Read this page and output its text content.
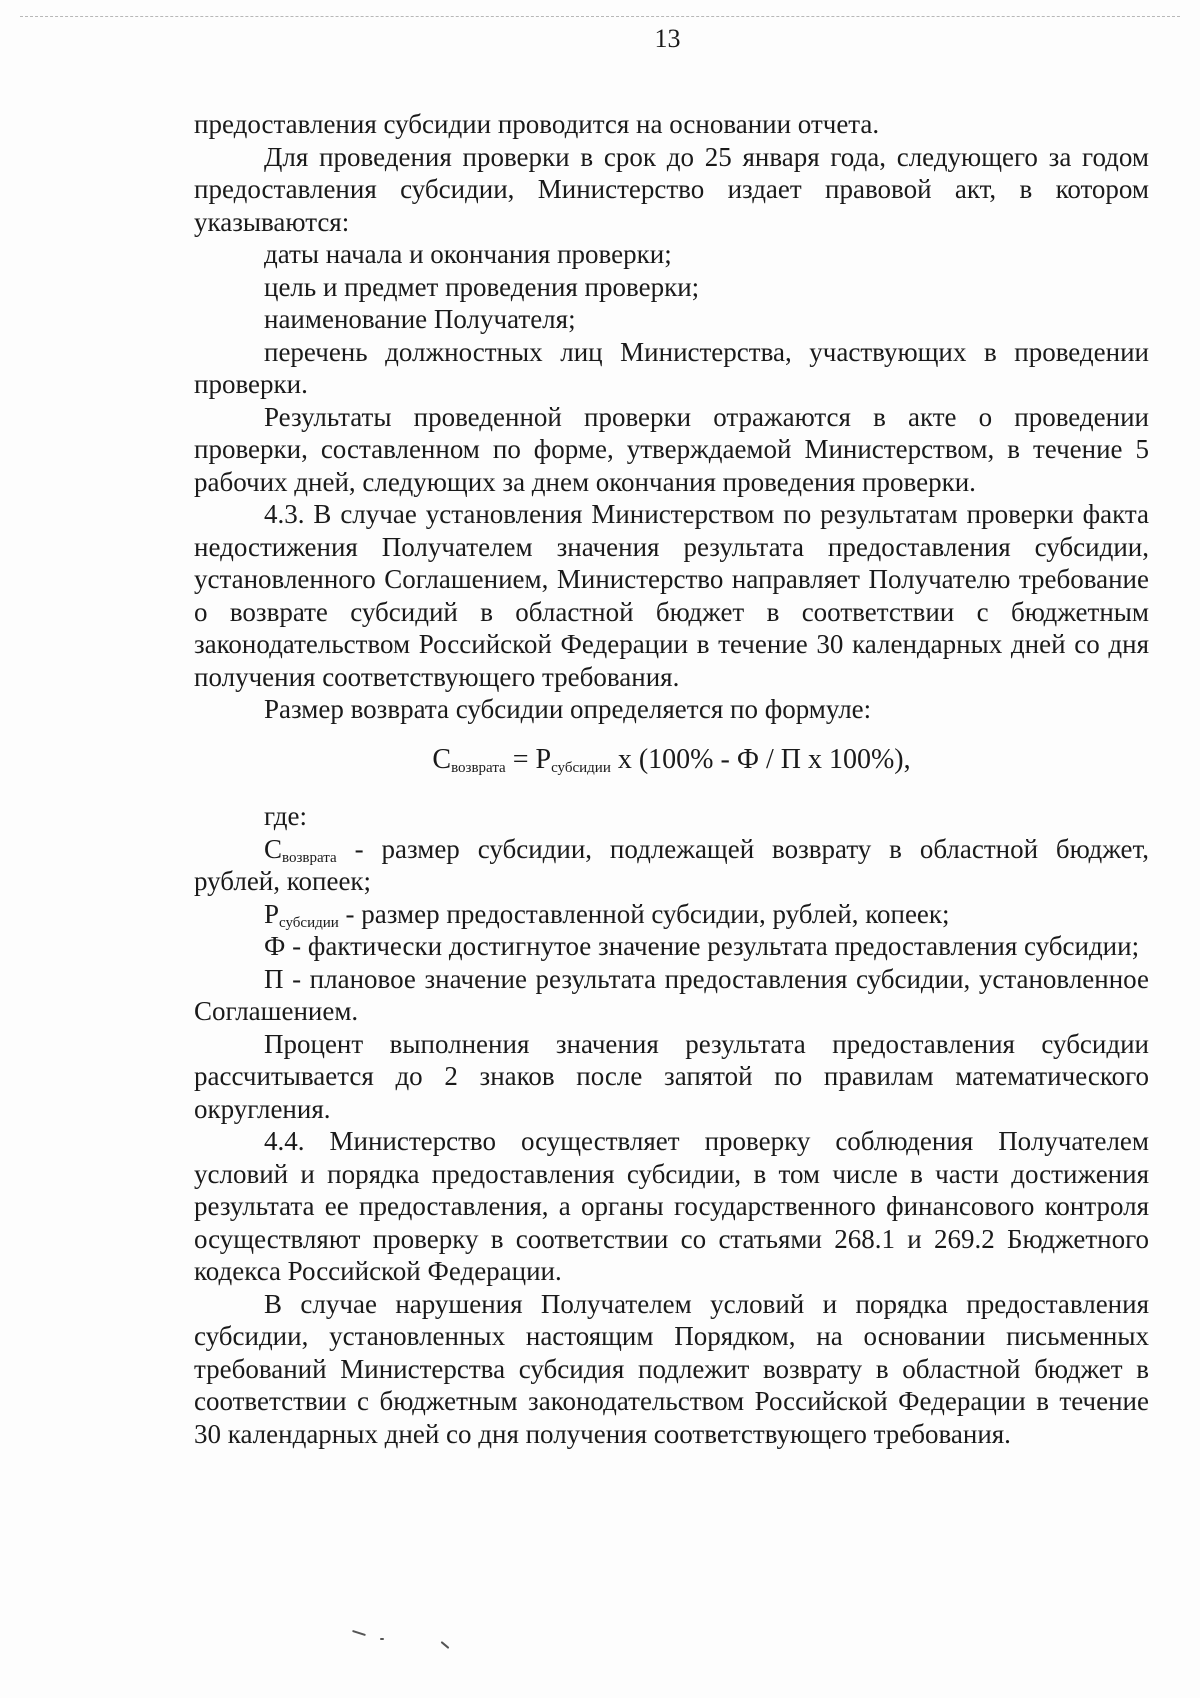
13

предоставления субсидии проводится на основании отчета.

Для проведения проверки в срок до 25 января года, следующего за годом предоставления субсидии, Министерство издает правовой акт, в котором указываются:

даты начала и окончания проверки;

цель и предмет проведения проверки;

наименование Получателя;

перечень должностных лиц Министерства, участвующих в проведении проверки.

Результаты проведенной проверки отражаются в акте о проведении проверки, составленном по форме, утверждаемой Министерством, в течение 5 рабочих дней, следующих за днем окончания проведения проверки.

4.3. В случае установления Министерством по результатам проверки факта недостижения Получателем значения результата предоставления субсидии, установленного Соглашением, Министерство направляет Получателю требование о возврате субсидий в областной бюджет в соответствии с бюджетным законодательством Российской Федерации в течение 30 календарных дней со дня получения соответствующего требования.

Размер возврата субсидии определяется по формуле:

$С_{возврата} = Р_{субсидии}$ х (100% - Ф / П х 100%),

где:

$С_{возврата}$ - размер субсидии, подлежащей возврату в областной бюджет, рублей, копеек;

$Р_{субсидии}$ - размер предоставленной субсидии, рублей, копеек;

Ф - фактически достигнутое значение результата предоставления субсидии;

П - плановое значение результата предоставления субсидии, установленное Соглашением.

Процент выполнения значения результата предоставления субсидии рассчитывается до 2 знаков после запятой по правилам математического округления.

4.4. Министерство осуществляет проверку соблюдения Получателем условий и порядка предоставления субсидии, в том числе в части достижения результата ее предоставления, а органы государственного финансового контроля осуществляют проверку в соответствии со статьями 268.1 и 269.2 Бюджетного кодекса Российской Федерации.

В случае нарушения Получателем условий и порядка предоставления субсидии, установленных настоящим Порядком, на основании письменных требований Министерства субсидия подлежит возврату в областной бюджет в соответствии с бюджетным законодательством Российской Федерации в течение 30 календарных дней со дня получения соответствующего требования.
